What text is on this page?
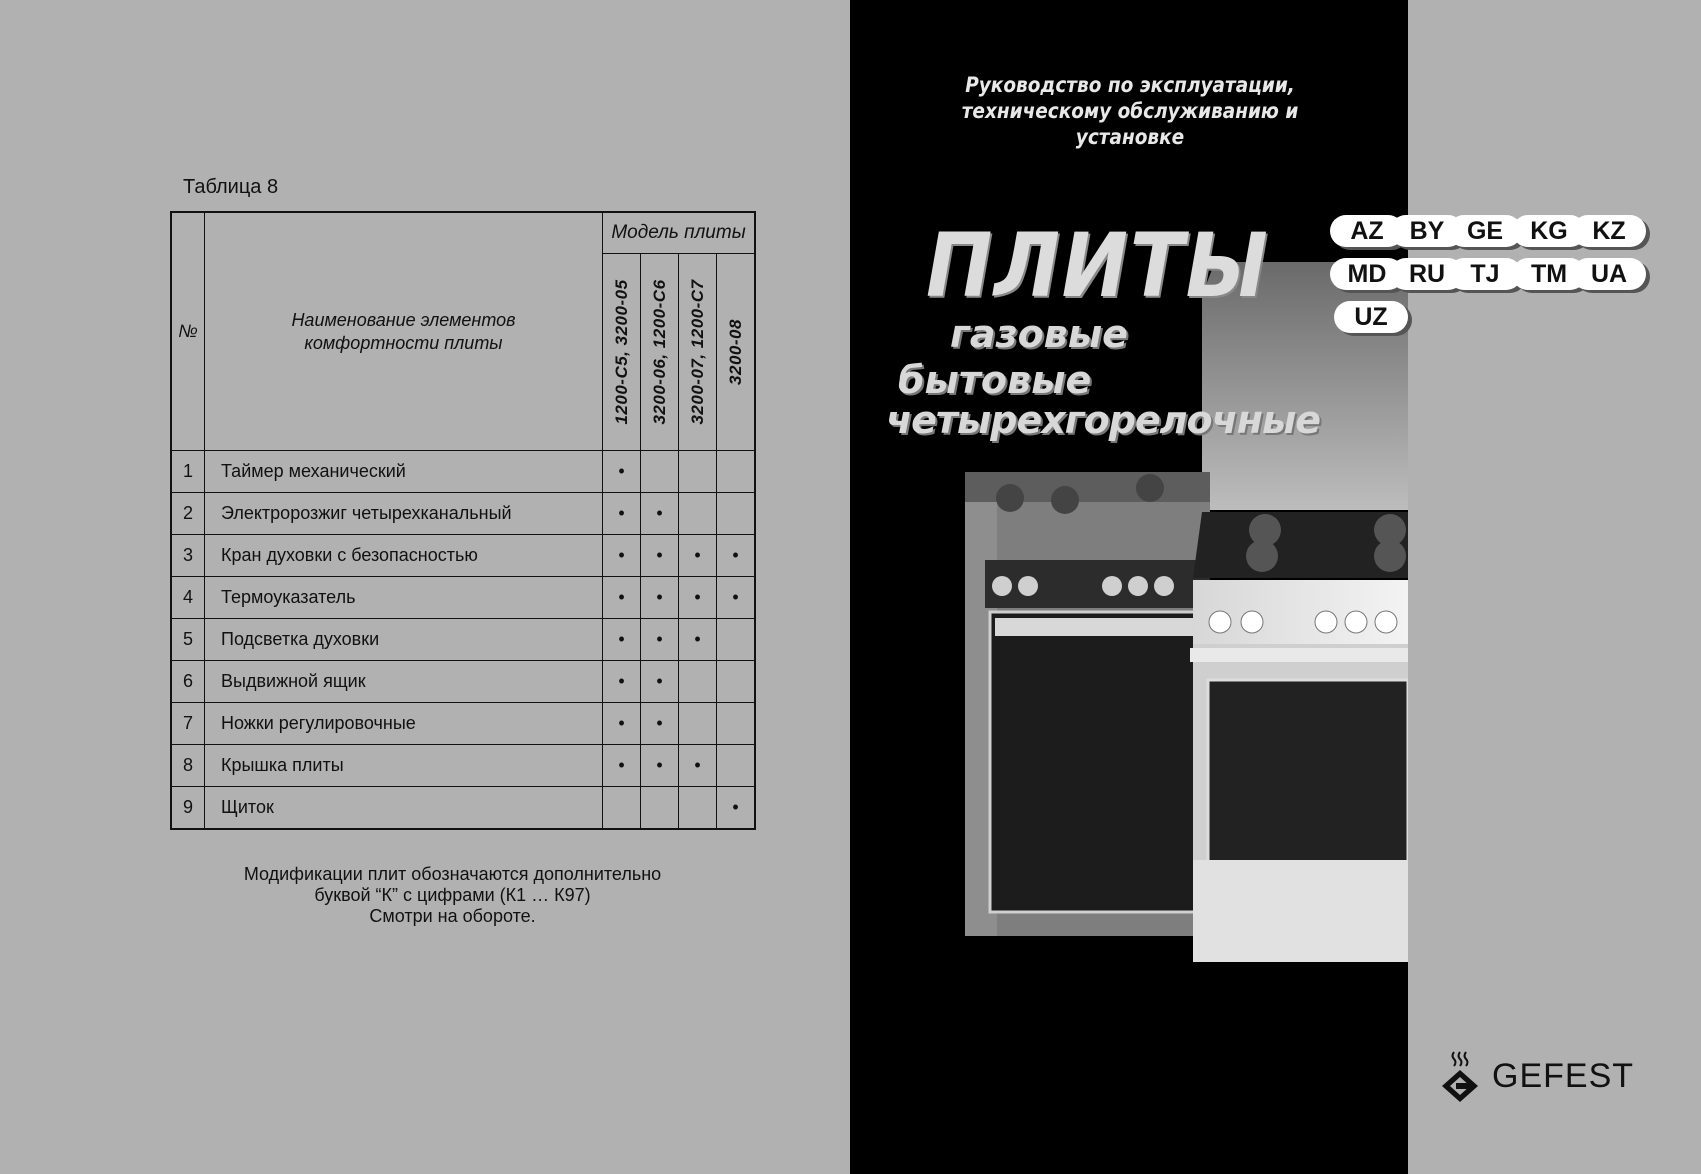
Таблица 8
№	Наименование элементов комфортности плиты	Модель плиты			

		1200-С5, 3200-05	3200-06, 1200-С6	3200-07, 1200-С7	3200-08

1	Таймер механический	•			
2	Электророзжиг четырехканальный	•	•		
3	Кран духовки с безопасностью	•	•	•	•
4	Термоуказатель	•	•	•	•
5	Подсветка духовки	•	•	•	
6	Выдвижной ящик	•	•		
7	Ножки регулировочные	•	•		
8	Крышка плиты	•	•	•	
9	Щиток				•
Модификации плит обозначаются дополнительно
буквой “К” с цифрами (К1 … К97)
Смотри на обороте.
Руководство по эксплуатации,
техническому обслуживанию и установке
ПЛИТЫ
газовые
бытовые
четырехгорелочные
AZ	BY GE	KG KZ
MD RU	TJ	TM UA
UZ
GEFEST
